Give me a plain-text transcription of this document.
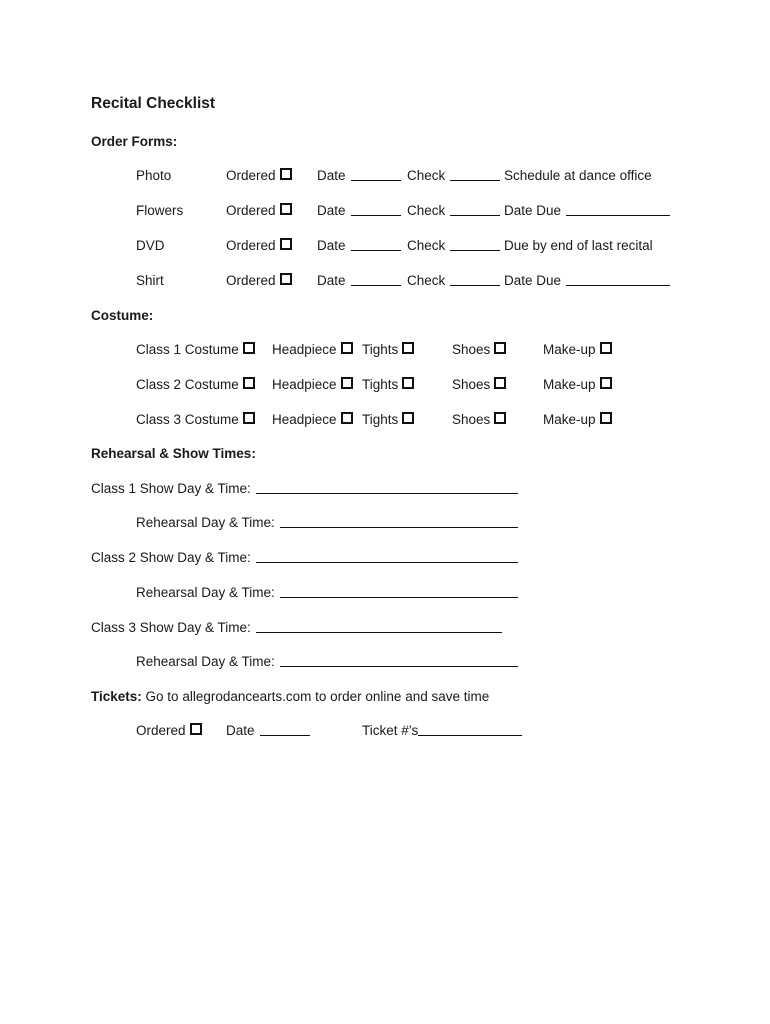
Recital Checklist
Order Forms:
Photo	Ordered	Date	Check	Schedule at dance office
Flowers	Ordered	Date	Check	Date Due
DVD	Ordered	Date	Check	Due by end of last recital
Shirt	Ordered	Date	Check	Date Due
Costume:
Class 1 Costume	Headpiece	Tights	Shoes	Make-up
Class 2 Costume	Headpiece	Tights	Shoes	Make-up
Class 3 Costume	Headpiece	Tights	Shoes	Make-up
Rehearsal & Show Times:
Class 1 Show Day & Time:
Rehearsal Day & Time:
Class 2 Show Day & Time:
Rehearsal Day & Time:
Class 3 Show Day & Time:
Rehearsal Day & Time:
Tickets: Go to allegrodancearts.com to order online and save time
Ordered	Date	Ticket #’s
